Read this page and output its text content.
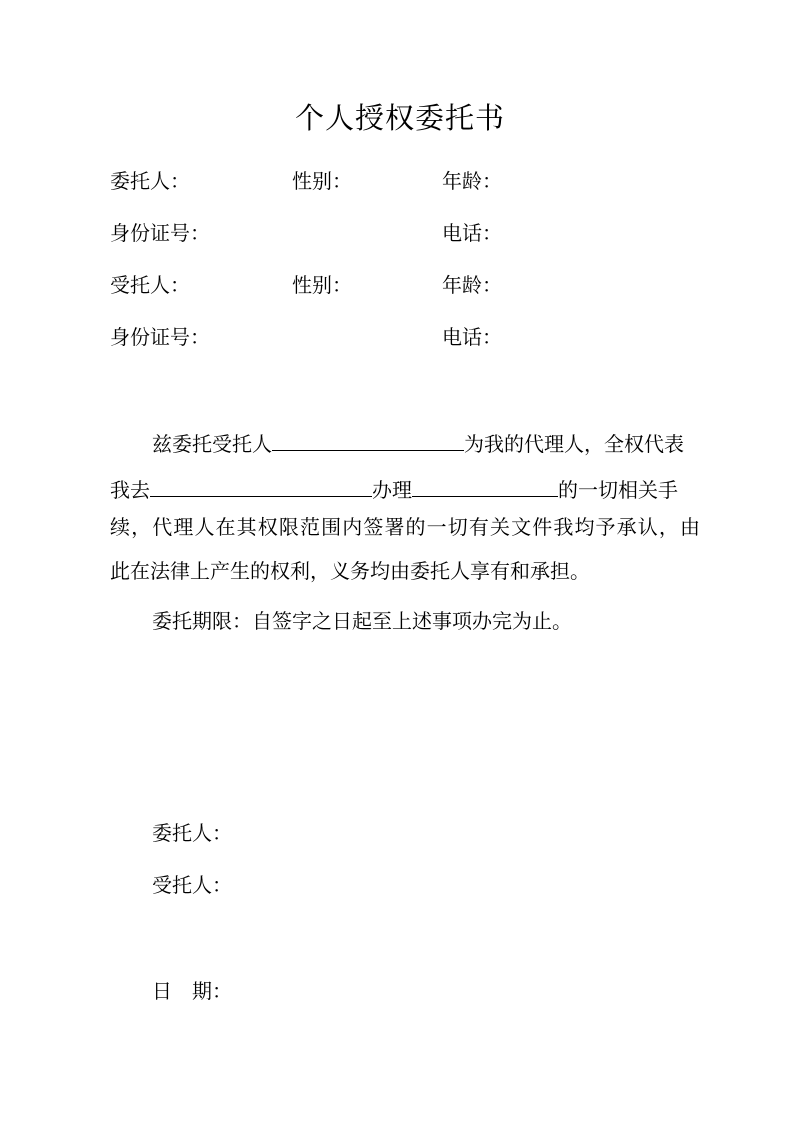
个人授权委托书
委托人：	性别：	年龄：
身份证号：	电话：
受托人：	性别：	年龄：
身份证号：	电话：
兹委托受托人	为我的代理人，全权代表
我去	办理	的一切相关手
续，代理人在其权限范围内签署的一切有关文件我均予承认，由
此在法律上产生的权利，义务均由委托人享有和承担。
委托期限：自签字之日起至上述事项办完为止。
委托人：
受托人：
日　期：
